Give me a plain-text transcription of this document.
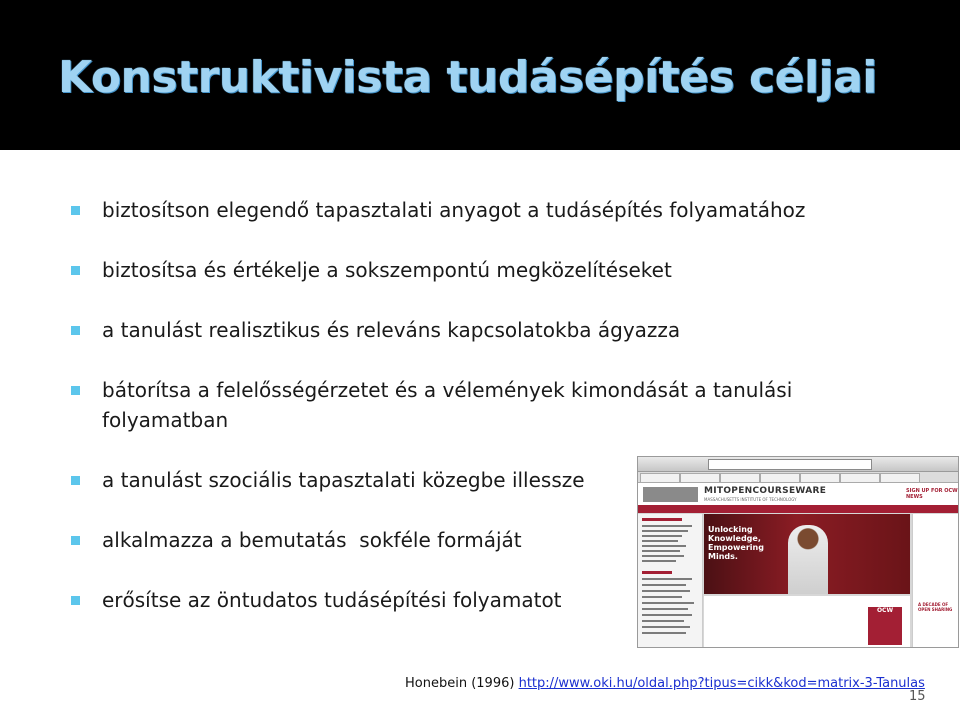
Konstruktivista tudásépítés céljai
biztosítson elegendő tapasztalati anyagot a tudásépítés folyamatához
biztosítsa és értékelje a sokszempontú megközelítéseket
a tanulást realisztikus és releváns kapcsolatokba ágyazza
bátorítsa a felelősségérzetet és a vélemények kimondását a tanulási folyamatban
a tanulást szociális tapasztalati közegbe illessze
alkalmazza a bemutatás  sokféle formáját
erősítse az öntudatos tudásépítési folyamatot
MITOPENCOURSEWARE
MASSACHUSETTS INSTITUTE OF TECHNOLOGY
SIGN UP FOR OCW NEWS
Unlocking Knowledge, Empowering Minds.
A DECADE OF OPEN SHARING
OCW
Honebein (1996) http://www.oki.hu/oldal.php?tipus=cikk&kod=matrix-3-Tanulas
15
